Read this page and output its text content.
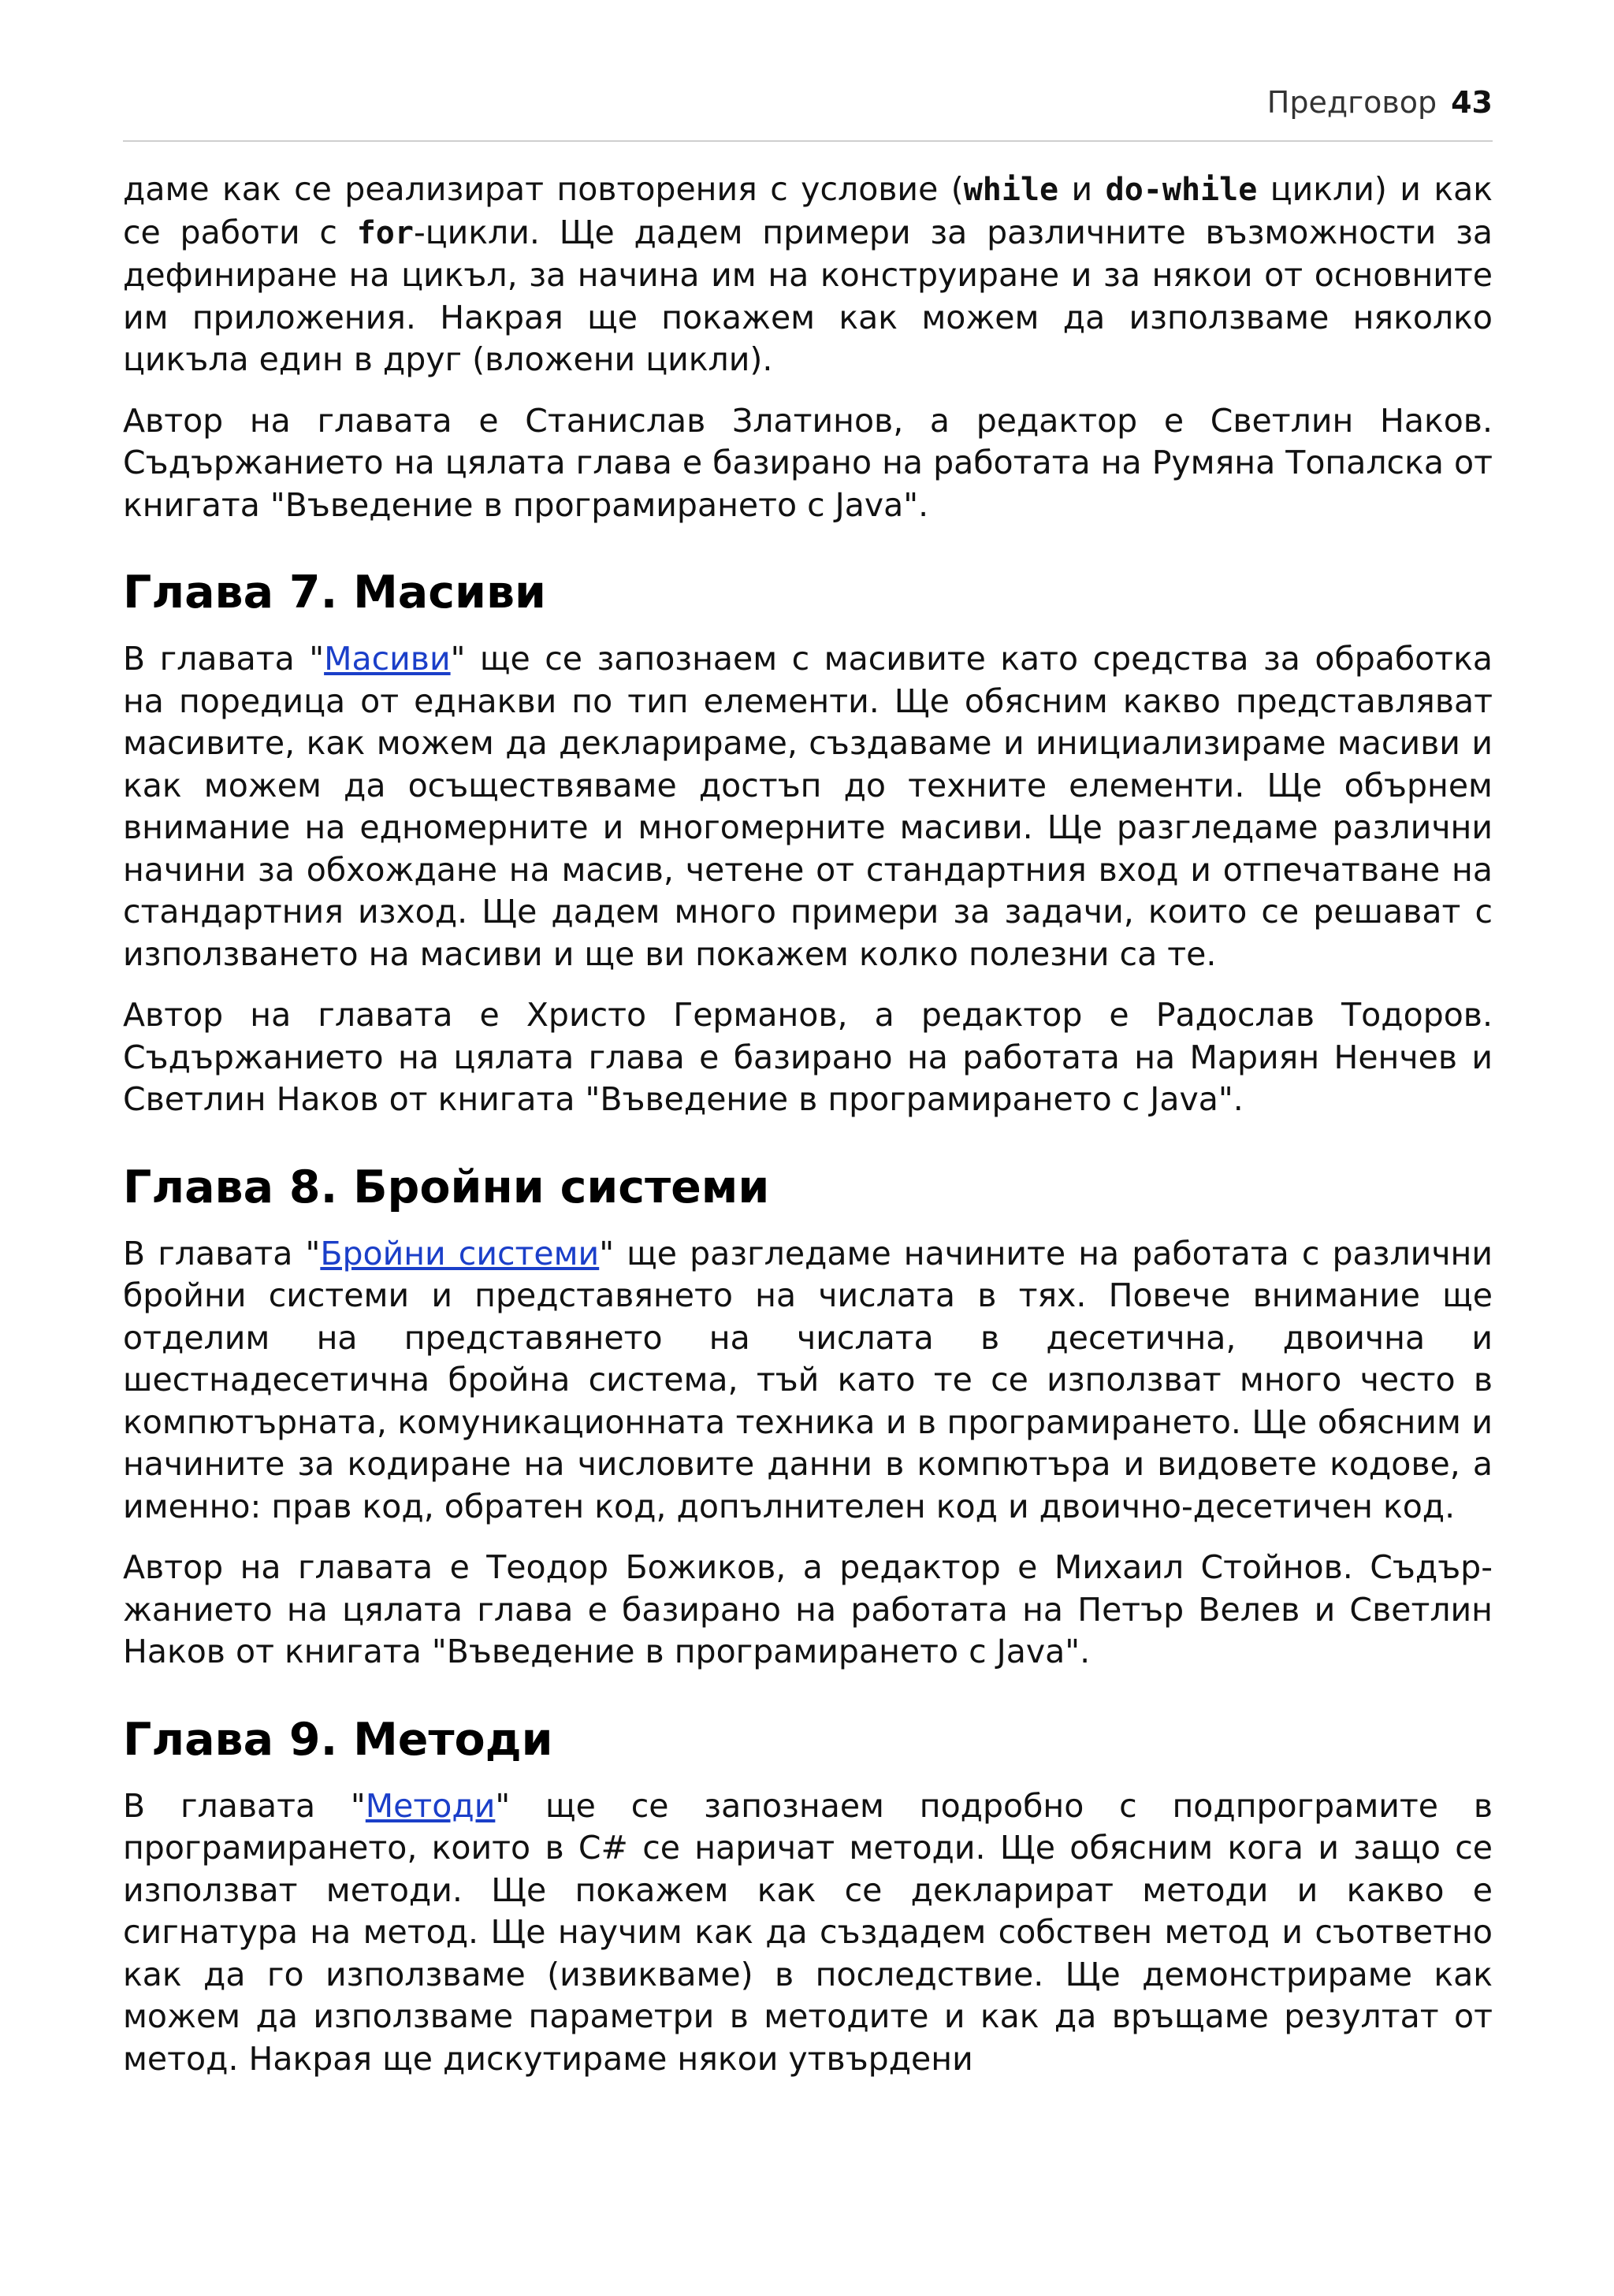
Предговор 43

даме как се реализират повторения с условие (while и do-while цикли) и как се работи с for-цикли. Ще дадем примери за различните възможности за дефиниране на цикъл, за начина им на конструиране и за някои от основните им приложения. Накрая ще покажем как можем да използваме няколко цикъла един в друг (вложени цикли).

Автор на главата е Станислав Златинов, а редактор е Светлин Наков. Съдържанието на цялата глава е базирано на работата на Румяна Топалска от книгата "Въведение в програмирането с Java".

Глава 7. Масиви

В главата "Масиви" ще се запознаем с масивите като средства за обработка на поредица от еднакви по тип елементи. Ще обясним какво представляват масивите, как можем да декларираме, създаваме и инициализираме масиви и как можем да осъществяваме достъп до техните елементи. Ще обърнем внимание на едномерните и многомерните масиви. Ще разгледаме различни начини за обхождане на масив, четене от стандартния вход и отпечатване на стандартния изход. Ще дадем много примери за задачи, които се решават с използването на масиви и ще ви покажем колко полезни са те.

Автор на главата е Христо Германов, а редактор е Радослав Тодоров. Съдържанието на цялата глава е базирано на работата на Мариян Ненчев и Светлин Наков от книгата "Въведение в програмирането с Java".

Глава 8. Бройни системи

В главата "Бройни системи" ще разгледаме начините на работата с различни бройни системи и представянето на числата в тях. Повече внимание ще отделим на представянето на числата в десетична, двоична и шестнадесетична бройна система, тъй като те се използват много често в компютърната, комуникационната техника и в програмирането. Ще обясним и начините за кодиране на числовите данни в компютъра и видовете кодове, а именно: прав код, обратен код, допълнителен код и двоично-десетичен код.

Автор на главата е Теодор Божиков, а редактор е Михаил Стойнов. Съдържанието на цялата глава е базирано на работата на Петър Велев и Светлин Наков от книгата "Въведение в програмирането с Java".

Глава 9. Методи

В главата "Методи" ще се запознаем подробно с подпрограмите в програмирането, които в C# се наричат методи. Ще обясним кога и защо се използват методи. Ще покажем как се декларират методи и какво е сигнатура на метод. Ще научим как да създадем собствен метод и съответно как да го използваме (извикваме) в последствие. Ще демонстрираме как можем да използваме параметри в методите и как да връщаме резултат от метод. Накрая ще дискутираме някои утвърдени
